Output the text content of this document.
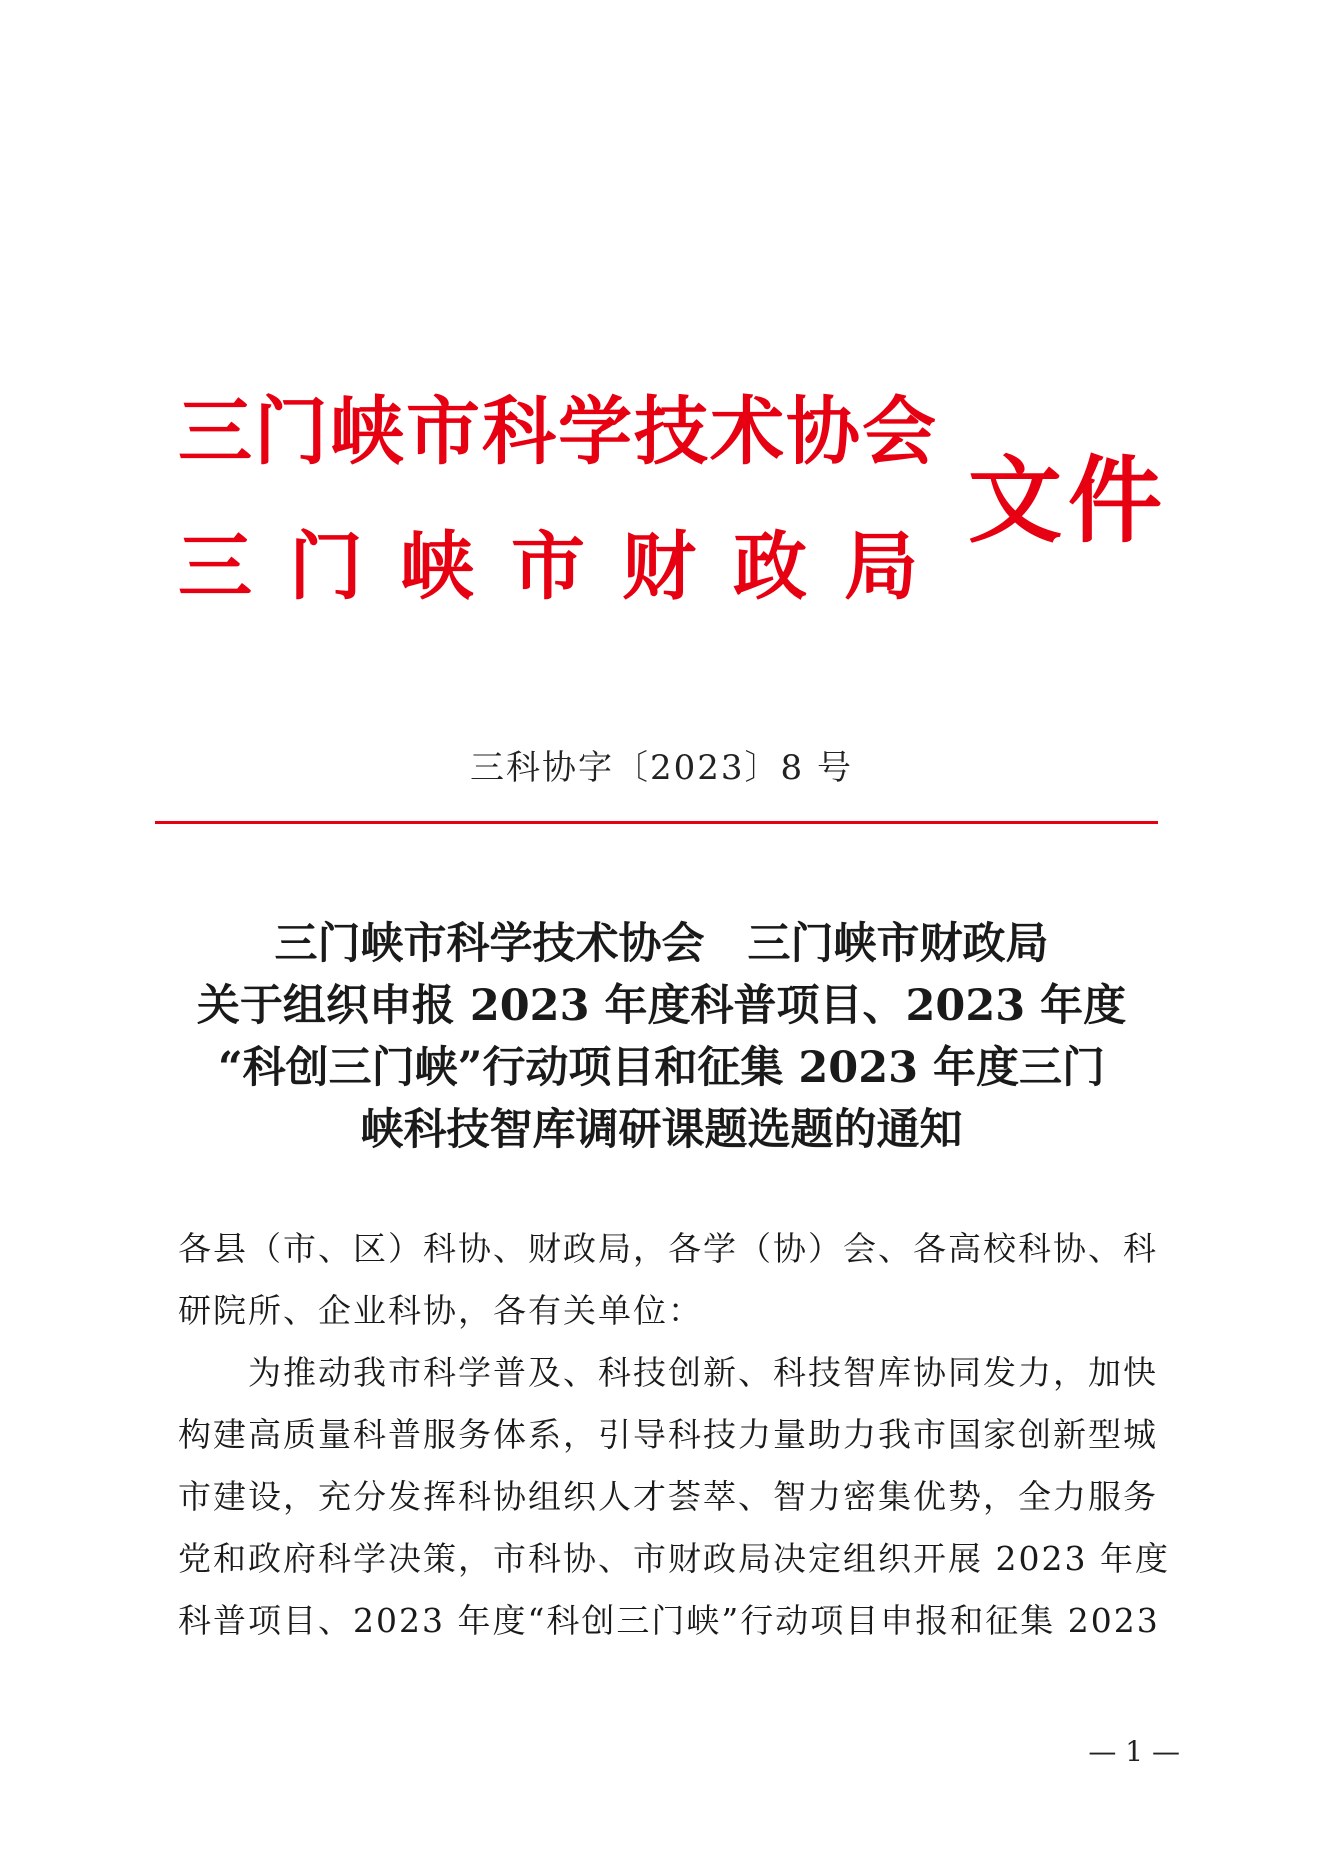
三门峡市科学技术协会
三 门 峡 市 财 政 局
文件
三科协字〔2023〕8 号
三门峡市科学技术协会　三门峡市财政局
关于组织申报 2023 年度科普项目、2023 年度
“科创三门峡”行动项目和征集 2023 年度三门
峡科技智库调研课题选题的通知
各县（市、区）科协、财政局，各学（协）会、各高校科协、科
研院所、企业科协，各有关单位：
为推动我市科学普及、科技创新、科技智库协同发力，加快
构建高质量科普服务体系，引导科技力量助力我市国家创新型城
市建设，充分发挥科协组织人才荟萃、智力密集优势，全力服务
党和政府科学决策，市科协、市财政局决定组织开展 2023 年度
科普项目、2023 年度“科创三门峡”行动项目申报和征集 2023
— 1 —
